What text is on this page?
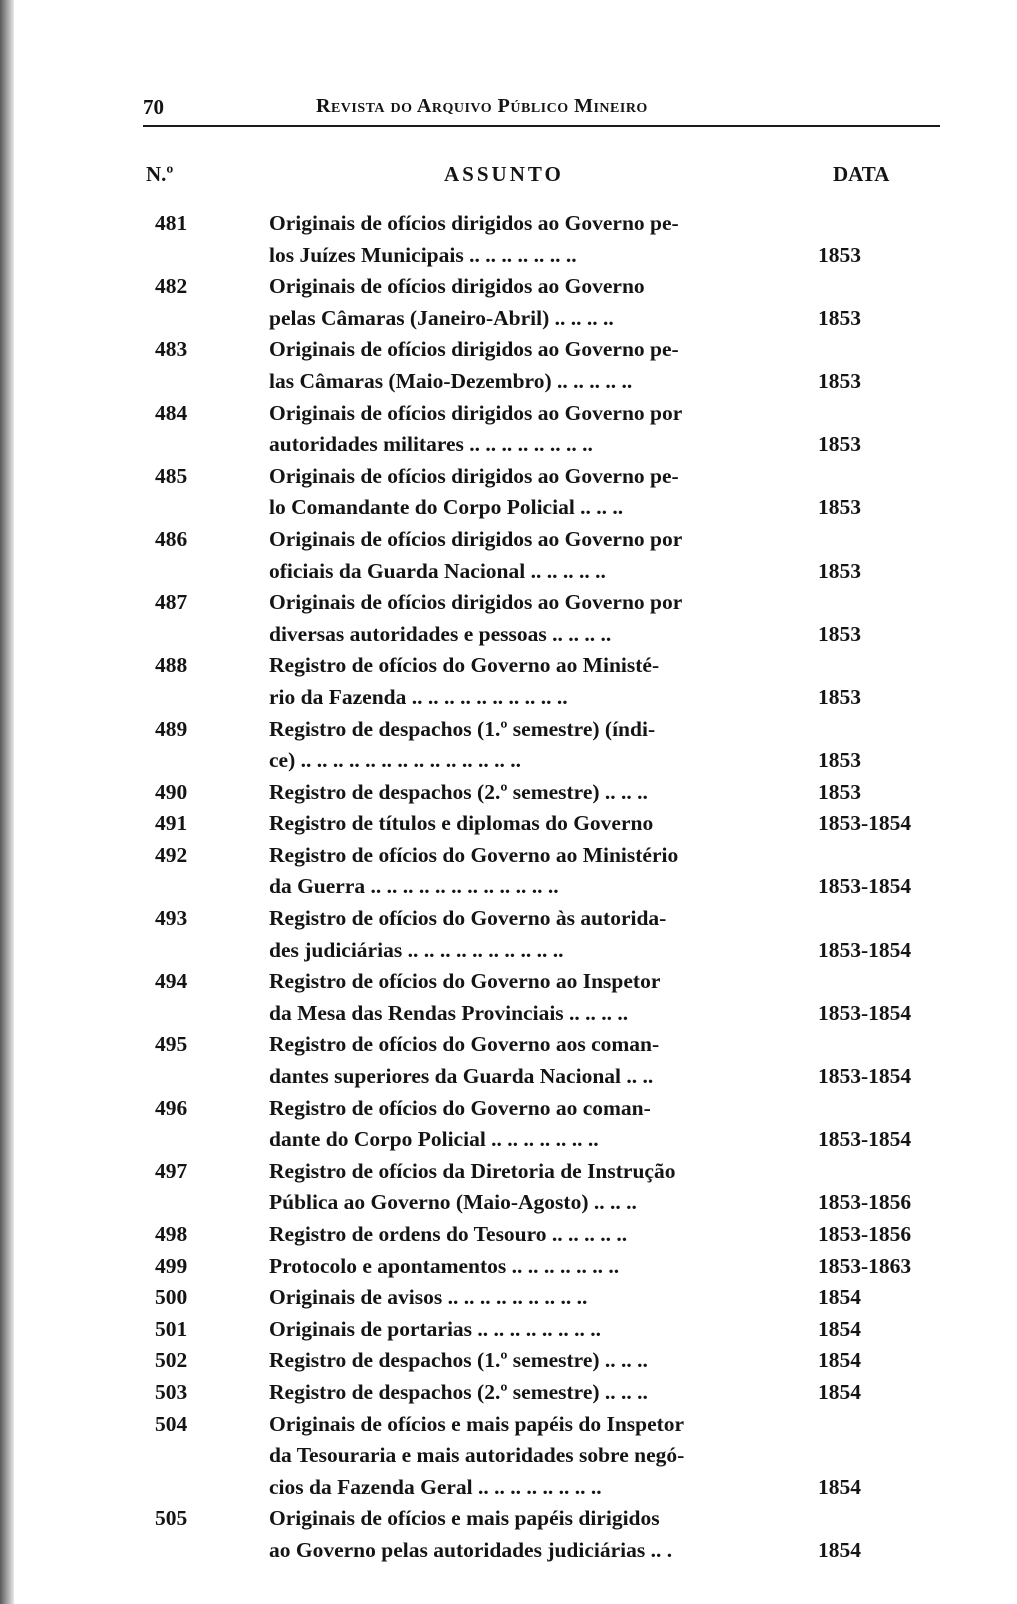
70	Revista do Arquivo Público Mineiro
N.º	ASSUNTO	DATA
481	Originais de ofícios dirigidos ao Governo pe-
los Juízes Municipais .. .. .. .. .. .. ..	1853
482	Originais de ofícios dirigidos ao Governo
pelas Câmaras (Janeiro-Abril) .. .. .. ..	1853
483	Originais de ofícios dirigidos ao Governo pe-
las Câmaras (Maio-Dezembro) .. .. .. .. ..	1853
484	Originais de ofícios dirigidos ao Governo por
autoridades militares .. .. .. .. .. .. .. ..	1853
485	Originais de ofícios dirigidos ao Governo pe-
lo Comandante do Corpo Policial .. .. ..	1853
486	Originais de ofícios dirigidos ao Governo por
oficiais da Guarda Nacional .. .. .. .. ..	1853
487	Originais de ofícios dirigidos ao Governo por
diversas autoridades e pessoas .. .. .. ..	1853
488	Registro de ofícios do Governo ao Ministé-
rio da Fazenda .. .. .. .. .. .. .. .. .. ..	1853
489	Registro de despachos (1.º semestre) (índi-
ce) .. .. .. .. .. .. .. .. .. .. .. .. .. ..	1853
490	Registro de despachos (2.º semestre) .. .. ..	1853
491	Registro de títulos e diplomas do Governo	1853-1854
492	Registro de ofícios do Governo ao Ministério
da Guerra .. .. .. .. .. .. .. .. .. .. .. ..	1853-1854
493	Registro de ofícios do Governo às autorida-
des judiciárias .. .. .. .. .. .. .. .. .. ..	1853-1854
494	Registro de ofícios do Governo ao Inspetor
da Mesa das Rendas Provinciais .. .. .. ..	1853-1854
495	Registro de ofícios do Governo aos coman-
dantes superiores da Guarda Nacional .. ..	1853-1854
496	Registro de ofícios do Governo ao coman-
dante do Corpo Policial .. .. .. .. .. .. ..	1853-1854
497	Registro de ofícios da Diretoria de Instrução
Pública ao Governo (Maio-Agosto) .. .. ..	1853-1856
498	Registro de ordens do Tesouro .. .. .. .. ..	1853-1856
499	Protocolo e apontamentos .. .. .. .. .. .. ..	1853-1863
500	Originais de avisos .. .. .. .. .. .. .. .. ..	1854
501	Originais de portarias .. .. .. .. .. .. .. ..	1854
502	Registro de despachos (1.º semestre) .. .. ..	1854
503	Registro de despachos (2.º semestre) .. .. ..	1854
504	Originais de ofícios e mais papéis do Inspetor
da Tesouraria e mais autoridades sobre negó-
cios da Fazenda Geral .. .. .. .. .. .. .. ..	1854
505	Originais de ofícios e mais papéis dirigidos
ao Governo pelas autoridades judiciárias .. .	1854
